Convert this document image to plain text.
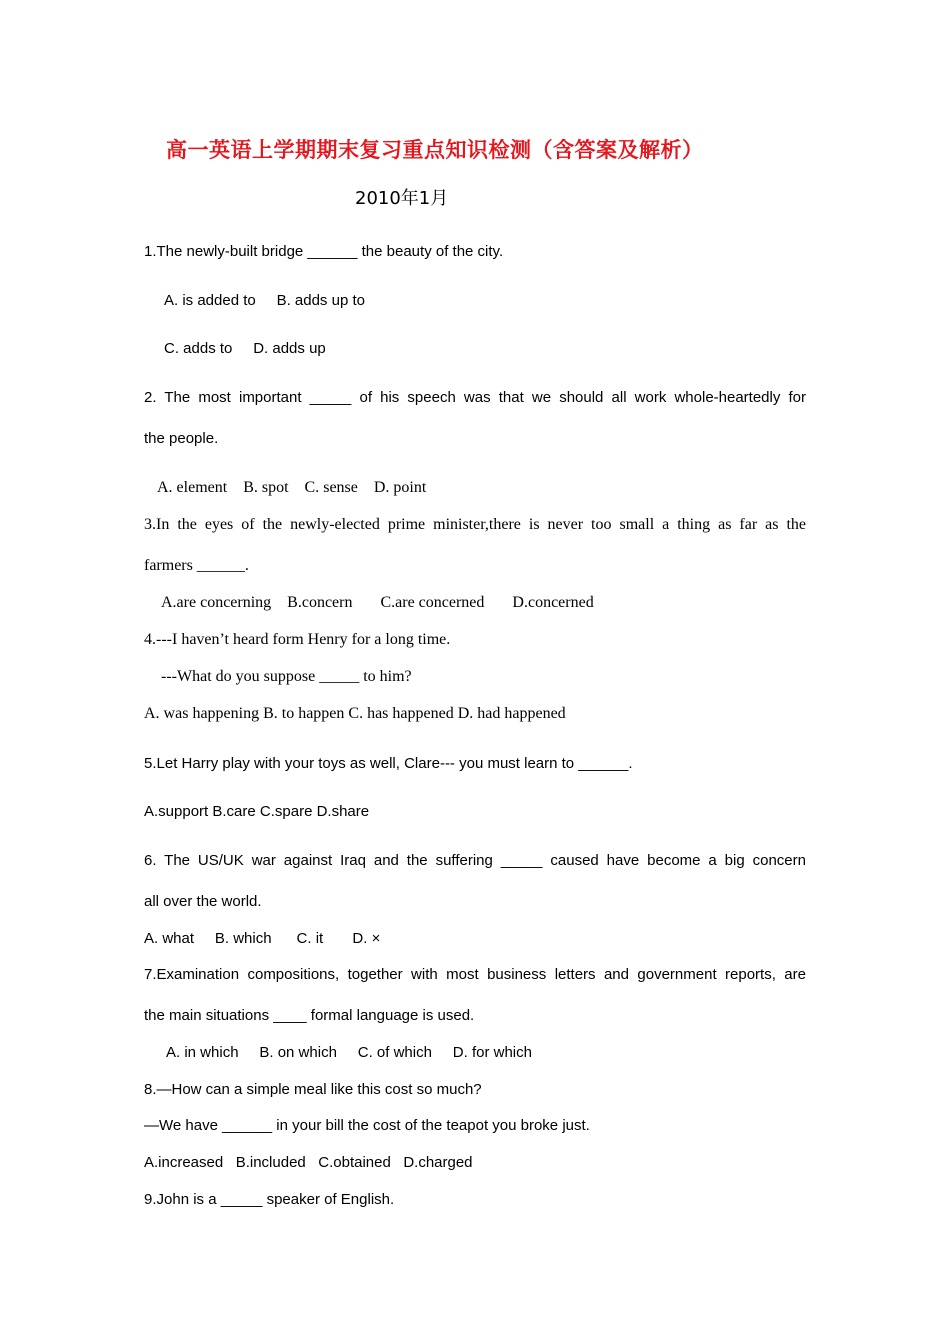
高一英语上学期期末复习重点知识检测（含答案及解析）
2010年1月
1.The newly-built bridge ______ the beauty of the city.
A. is added to     B. adds up to
C. adds to     D. adds up
2. The most important _____ of his speech was that we should all work whole-heartedly for
the people.
A. element    B. spot    C. sense    D. point
3.In the eyes of the newly-elected prime minister,there is never too small a thing as far as the
farmers ______.
A.are concerning    B.concern       C.are concerned       D.concerned
4.---I haven’t heard form Henry for a long time.
---What do you suppose _____ to him?
A. was happening B. to happen C. has happened D. had happened
5.Let Harry play with your toys as well, Clare--- you must learn to ______.
A.support B.care C.spare D.share
6. The US/UK war against Iraq and the suffering _____ caused have become a big concern
all over the world.
A. what     B. which      C. it       D. ×
7.Examination compositions, together with most business letters and government reports, are
the main situations ____ formal language is used.
A. in which     B. on which     C. of which     D. for which
8.—How can a simple meal like this cost so much?
—We have ______ in your bill the cost of the teapot you broke just.
A.increased   B.included   C.obtained   D.charged
9.John is a _____ speaker of English.
